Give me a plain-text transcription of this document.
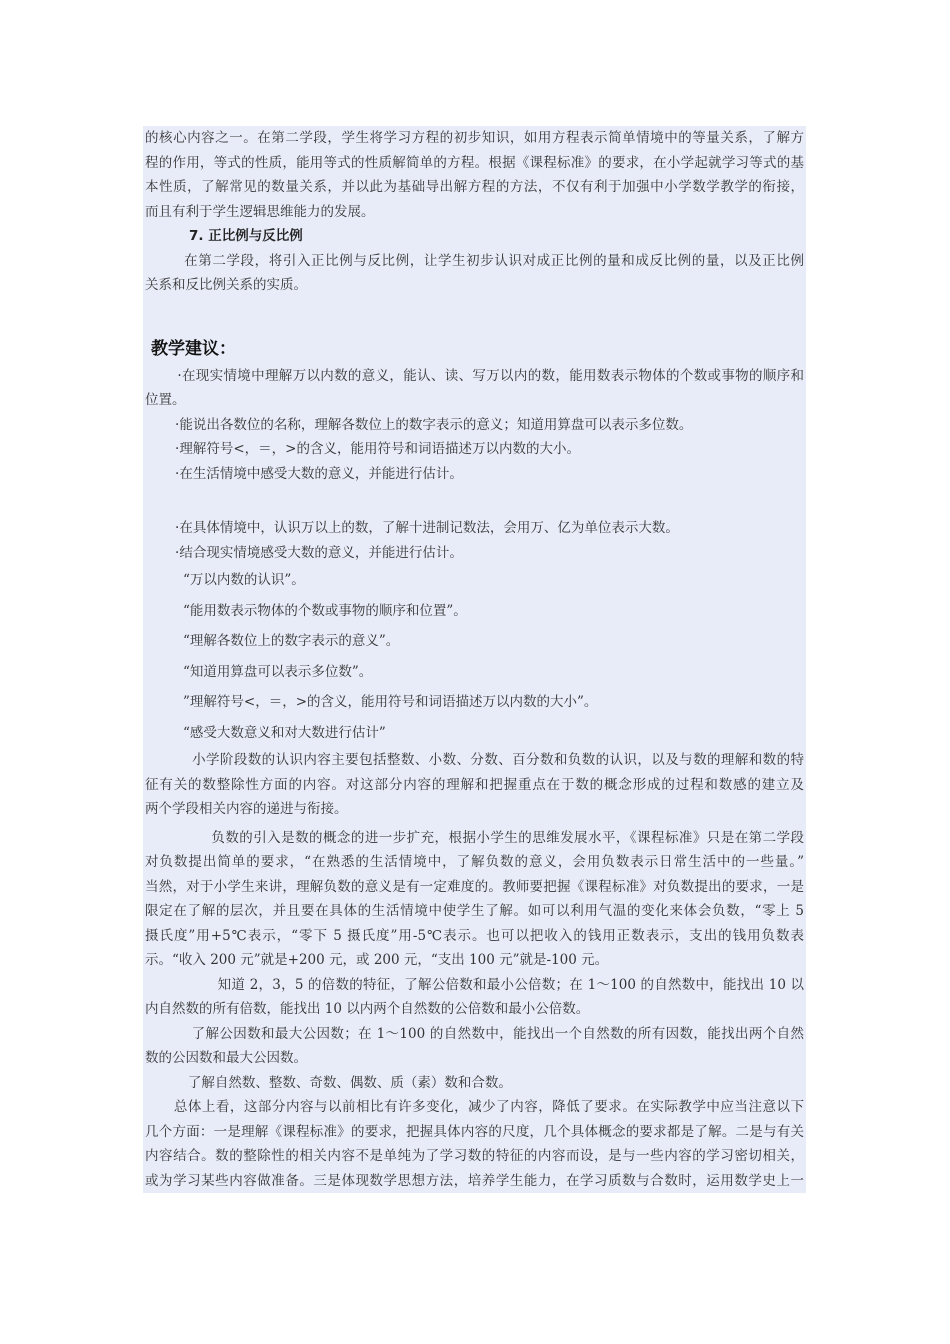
的核心内容之一。在第二学段，学生将学习方程的初步知识，如用方程表示简单情境中的等量关系，了解方
程的作用，等式的性质，能用等式的性质解简单的方程。根据《课程标准》的要求，在小学起就学习等式的基
本性质，了解常见的数量关系，并以此为基础导出解方程的方法，不仅有利于加强中小学数学教学的衔接，
而且有利于学生逻辑思维能力的发展。
7. 正比例与反比例
在第二学段，将引入正比例与反比例，让学生初步认识对成正比例的量和成反比例的量，以及正比例
关系和反比例关系的实质。
教学建议：
·在现实情境中理解万以内数的意义，能认、读、写万以内的数，能用数表示物体的个数或事物的顺序和
位置。
·能说出各数位的名称，理解各数位上的数字表示的意义；知道用算盘可以表示多位数。
·理解符号<，＝，>的含义，能用符号和词语描述万以内数的大小。
·在生活情境中感受大数的意义，并能进行估计。
·在具体情境中，认识万以上的数，了解十进制记数法，会用万、亿为单位表示大数。
·结合现实情境感受大数的意义，并能进行估计。
“万以内数的认识”。
“能用数表示物体的个数或事物的顺序和位置”。
“理解各数位上的数字表示的意义”。
“知道用算盘可以表示多位数”。
”理解符号<，＝，>的含义，能用符号和词语描述万以内数的大小”。
“感受大数意义和对大数进行估计”
小学阶段数的认识内容主要包括整数、小数、分数、百分数和负数的认识，以及与数的理解和数的特
征有关的数整除性方面的内容。对这部分内容的理解和把握重点在于数的概念形成的过程和数感的建立及
两个学段相关内容的递进与衔接。
负数的引入是数的概念的进一步扩充，根据小学生的思维发展水平，《课程标准》只是在第二学段
对负数提出简单的要求，“在熟悉的生活情境中，了解负数的意义，会用负数表示日常生活中的一些量。”
当然，对于小学生来讲，理解负数的意义是有一定难度的。教师要把握《课程标准》对负数提出的要求，一是
限定在了解的层次，并且要在具体的生活情境中使学生了解。如可以利用气温的变化来体会负数，“零上 5
摄氏度”用+5℃表示，“零下 5 摄氏度”用-5℃表示。也可以把收入的钱用正数表示，支出的钱用负数表
示。“收入 200 元”就是+200 元，或 200 元，“支出 100 元”就是-100 元。
知道 2，3，5 的倍数的特征，了解公倍数和最小公倍数；在 1～100 的自然数中，能找出 10 以
内自然数的所有倍数，能找出 10 以内两个自然数的公倍数和最小公倍数。
了解公因数和最大公因数；在 1～100 的自然数中，能找出一个自然数的所有因数，能找出两个自然
数的公因数和最大公因数。
了解自然数、整数、奇数、偶数、质（素）数和合数。
总体上看，这部分内容与以前相比有许多变化，减少了内容，降低了要求。在实际教学中应当注意以下
几个方面：一是理解《课程标准》的要求，把握具体内容的尺度，几个具体概念的要求都是了解。二是与有关
内容结合。数的整除性的相关内容不是单纯为了学习数的特征的内容而设，是与一些内容的学习密切相关，
或为学习某些内容做准备。三是体现数学思想方法，培养学生能力，在学习质数与合数时，运用数学史上一
